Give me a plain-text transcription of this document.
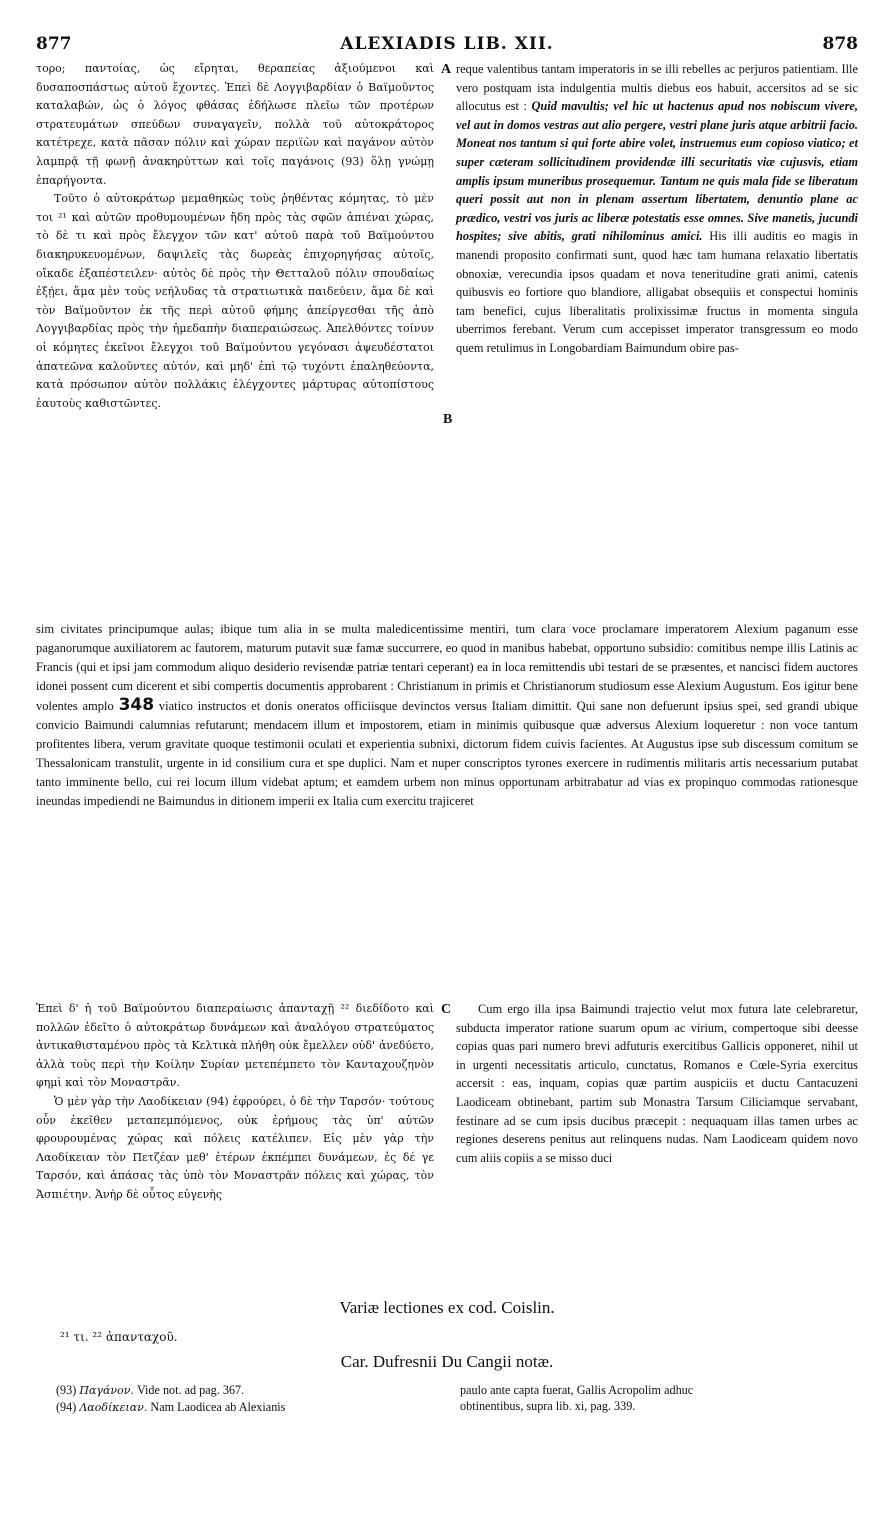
877	ALEXIADIS LIB. XII.	878

τορο; παντοίας, ὡς εἴρηται, θεραπείας ἀξιούμενοι καὶ δυσαποσπάστως αὐτοῦ ἔχοντες. Ἐπεὶ δὲ Λογγιβαρδίαν ὁ Βαϊμοῦντος καταλαβών, ὡς ὁ λόγος φθάσας ἐδήλωσε πλεῖω τῶν προτέρων στρατευμάτων σπεύδων συναγαγεῖν, πολλὰ τοῦ αὐτοκράτορος κατέτρεχε, κατὰ πᾶσαν πόλιν καὶ χώραν περιϊὼν καὶ παγάνον αὐτὸν λαμπρᾷ τῇ φωνῇ ἀνακηρύττων καὶ τοῖς παγάνοις (93) ὅλῃ γνώμῃ ἐπαρήγοντα.

Τοῦτο ὁ αὐτοκράτωρ μεμαθηκὼς τοὺς ῥηθέντας κόμητας, τὸ μὲν τοι ²¹ καὶ αὐτῶν προθυμουμένων ἤδη πρὸς τὰς σφῶν ἀπιέναι χώρας, τὸ δὲ τι καὶ πρὸς ἔλεγχον τῶν κατ' αὐτοῦ παρὰ τοῦ Βαϊμούντου διακηρυκευομένων, δαψιλεῖς τὰς δωρεὰς ἐπιχορηγήσας αὐτοῖς, οἴκαδε ἐξαπέστειλεν· αὐτὸς δὲ πρὸς τὴν Θετταλοῦ πόλιν σπουδαίως ἐξῄει, ἅμα μὲν τοὺς νεήλυδας τὰ στρατιωτικὰ παιδεύειν, ἅμα δὲ καὶ τὸν Βαϊμοῦντον ἐκ τῆς περὶ αὐτοῦ φήμης ἀπείργεσθαι τῆς ἀπὸ Λογγιβαρδίας πρὸς τὴν ἡμεδαπὴν διαπεραιώσεως. Ἀπελθόντες τοίνυν οἱ κόμητες ἐκεῖνοι ἔλεγχοι τοῦ Βαϊμούντου γεγόνασι ἀψευδέστατοι ἀπατεῶνα καλοῦντες αὐτόν, καὶ μηδ' ἐπὶ τῷ τυχόντι ἐπαληθεύοντα, κατὰ πρόσωπον αὐτὸν πολλάκις ἐλέγχοντες μάρτυρας αὐτοπίστους ἑαυτοὺς καθιστῶντες.

A
B

reque valentibus tantam imperatoris in se illi rebelles ac perjuros patientiam. Ille vero postquam ista indulgentia multis diebus eos habuit, accersitos ad se sic allocutus est : Quid mavultis; vel hic ut hactenus apud nos nobiscum vivere, vel aut in domos vestras aut alio pergere, vestri plane juris atque arbitrii facio. Moneat nos tantum si qui forte abire volet, instruemus eum copioso viatico; et super cæteram sollicitudinem providendæ illi securitatis viæ cujusvis, etiam amplis ipsum muneribus prosequemur. Tantum ne quis mala fide se liberatum queri possit aut non in plenam assertum libertatem, denuntio plane ac prædico, vestri vos juris ac liberæ potestatis esse omnes. Sive manetis, jucundi hospites; sive abitis, grati nihilominus amici. His illi auditis eo magis in manendi proposito confirmati sunt, quod hæc tam humana relaxatio libertatis obnoxiæ, verecundia ipsos quadam et nova teneritudine grati animi, catenis quibusvis eo fortiore quo blandiore, alligabat obsequiis et conspectui hominis tam benefici, cujus liberalitatis prolixissimæ fructus in momenta singula uberrimos ferebant. Verum cum accepisset imperator transgressum eo modo quem retulimus in Longobardiam Baimundum obire pas-

sim civitates principumque aulas; ibique tum alia in se multa maledicentissime mentiri, tum clara voce proclamare imperatorem Alexium paganum esse paganorumque auxiliatorem ac fautorem, maturum putavit suæ famæ succurrere, eo quod in manibus habebat, opportuno subsidio: comitibus nempe illis Latinis ac Francis (qui et ipsi jam commodum aliquo desiderio revisendæ patriæ tentari ceperant) ea in loca remittendis ubi testari de se præsentes, et nancisci fidem auctores idonei possent cum dicerent et sibi compertis documentis approbarent : Christianum in primis et Christianorum studiosum esse Alexium Augustum. Eos igitur bene volentes amplo 348 viatico instructos et donis oneratos officiisque devinctos versus Italiam dimittit. Qui sane non defuerunt ipsius spei, sed grandi ubique convicio Baimundi calumnias refutarunt; mendacem illum et impostorem, etiam in minimis quibusque quæ adversus Alexium loqueretur : non voce tantum profitentes libera, verum gravitate quoque testimonii oculati et experientia subnixi, dictorum fidem cuivis facientes. At Augustus ipse sub discessum comitum se Thessalonicam transtulit, urgente in id consilium cura et spe duplici. Nam et nuper conscriptos tyrones exercere in rudimentis militaris artis necessarium putabat tanto imminente bello, cui rei locum illum videbat aptum; et eamdem urbem non minus opportunam arbitrabatur ad vias ex propinquo commodas rationesque ineundas impediendi ne Baimundus in ditionem imperii ex Italia cum exercitu trajiceret
C

Ἐπεὶ δ' ἡ τοῦ Βαϊμούντου διαπεραίωσις ἁπανταχῇ ²² διεδίδοτο καὶ πολλῶν ἐδεῖτο ὁ αὐτοκράτωρ δυνάμεων καὶ ἀναλόγου στρατεύματος ἀντικαθισταμένου πρὸς τὰ Κελτικὰ πλήθη οὐκ ἔμελλεν οὐδ' ἀνεδύετο, ἀλλὰ τοὺς περὶ τὴν Κοίλην Συρίαν μετεπέμπετο τὸν Κανταχουζηνὸν φημὶ καὶ τὸν Μοναστρᾶν.

Ὁ μὲν γὰρ τὴν Λαοδίκειαν (94) ἐφρούρει, ὁ δὲ τὴν Ταρσόν· τούτους οὖν ἐκεῖθεν μεταπεμπόμενος, οὐκ ἐρήμους τὰς ὑπ' αὐτῶν φρουρουμένας χώρας καὶ πόλεις κατέλιπεν. Εἰς μὲν γὰρ τὴν Λαοδίκειαν τὸν Πετζέαν μεθ' ἑτέρων ἐκπέμπει δυνάμεων, ἐς δέ γε Ταρσόν, καὶ ἁπάσας τὰς ὑπὸ τὸν Μοναστρᾶν πόλεις καὶ χώρας, τὸν Ἀσπιέτην. Ἀνὴρ δὲ οὗτος εὐγενὴς

Cum ergo illa ipsa Baimundi trajectio velut mox futura late celebraretur, subducta imperator ratione suarum opum ac virium, compertoque sibi deesse copias quas pari numero brevi adfuturis exercitibus Gallicis opponeret, nihil ut in urgenti necessitatis articulo, cunctatus, Romanos e Cœle-Syria exercitus accersit : eas, inquam, copias quæ partim auspiciis et ductu Cantacuzeni Laodiceam obtinebant, partim sub Monastra Tarsum Ciliciamque servabant, festinare ad se cum ipsis ducibus præcepit : nequaquam illas tamen urbes ac regiones deserens penitus aut relinquens nudas. Nam Laodiceam quidem novo cum aliis copiis a se misso duci

Variæ lectiones ex cod. Coislin.
²¹ τι. ²² ἁπανταχοῦ.
Car. Dufresnii Du Cangii notæ.
(93) Παγάνον. Vide not. ad pag. 367.
(94) Λαοδίκειαν. Nam Laodicea ab Alexianis
paulo ante capta fuerat, Gallis Acropolim adhuc
obtinentibus, supra lib. xi, pag. 339.
